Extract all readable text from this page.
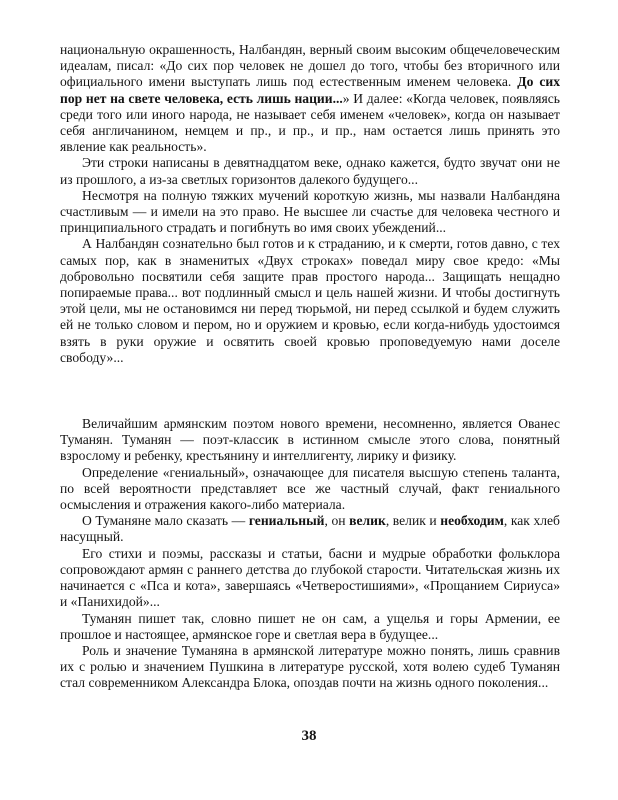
национальную окрашенность, Налбандян, верный своим высоким общечеловеческим идеалам, писал: «До сих пор человек не дошел до того, чтобы без вторичного или официального имени выступать лишь под естественным именем человека. До сих пор нет на свете человека, есть лишь нации...» И далее: «Когда человек, появляясь среди того или иного народа, не называет себя именем «человек», когда он называет себя англичанином, немцем и пр., и пр., и пр., нам остается лишь принять это явление как реальность».

Эти строки написаны в девятнадцатом веке, однако кажется, будто звучат они не из прошлого, а из-за светлых горизонтов далекого будущего...

Несмотря на полную тяжких мучений короткую жизнь, мы назвали Налбандяна счастливым — и имели на это право. Не высшее ли счастье для человека честного и принципиального страдать и погибнуть во имя своих убеждений...

А Налбандян сознательно был готов и к страданию, и к смерти, готов давно, с тех самых пор, как в знаменитых «Двух строках» поведал миру свое кредо: «Мы добровольно посвятили себя защите прав простого народа... Защищать нещадно попираемые права... вот подлинный смысл и цель нашей жизни. И чтобы достигнуть этой цели, мы не остановимся ни перед тюрьмой, ни перед ссылкой и будем служить ей не только словом и пером, но и оружием и кровью, если когда-нибудь удостоимся взять в руки оружие и освятить своей кровью проповедуемую нами доселе свободу»...

Величайшим армянским поэтом нового времени, несомненно, является Ованес Туманян. Туманян — поэт-классик в истинном смысле этого слова, понятный взрослому и ребенку, крестьянину и интеллигенту, лирику и физику.

Определение «гениальный», означающее для писателя высшую степень таланта, по всей вероятности представляет все же частный случай, факт гениального осмысления и отражения какого-либо материала.

О Туманяне мало сказать — гениальный, он велик, велик и необходим, как хлеб насущный.

Его стихи и поэмы, рассказы и статьи, басни и мудрые обработки фольклора сопровождают армян с раннего детства до глубокой старости. Читательская жизнь их начинается с «Пса и кота», завершаясь «Четверостишиями», «Прощанием Сириуса» и «Панихидой»...

Туманян пишет так, словно пишет не он сам, а ущелья и горы Армении, ее прошлое и настоящее, армянское горе и светлая вера в будущее...

Роль и значение Туманяна в армянской литературе можно понять, лишь сравнив их с ролью и значением Пушкина в литературе русской, хотя волею судеб Туманян стал современником Александра Блока, опоздав почти на жизнь одного поколения...

38
